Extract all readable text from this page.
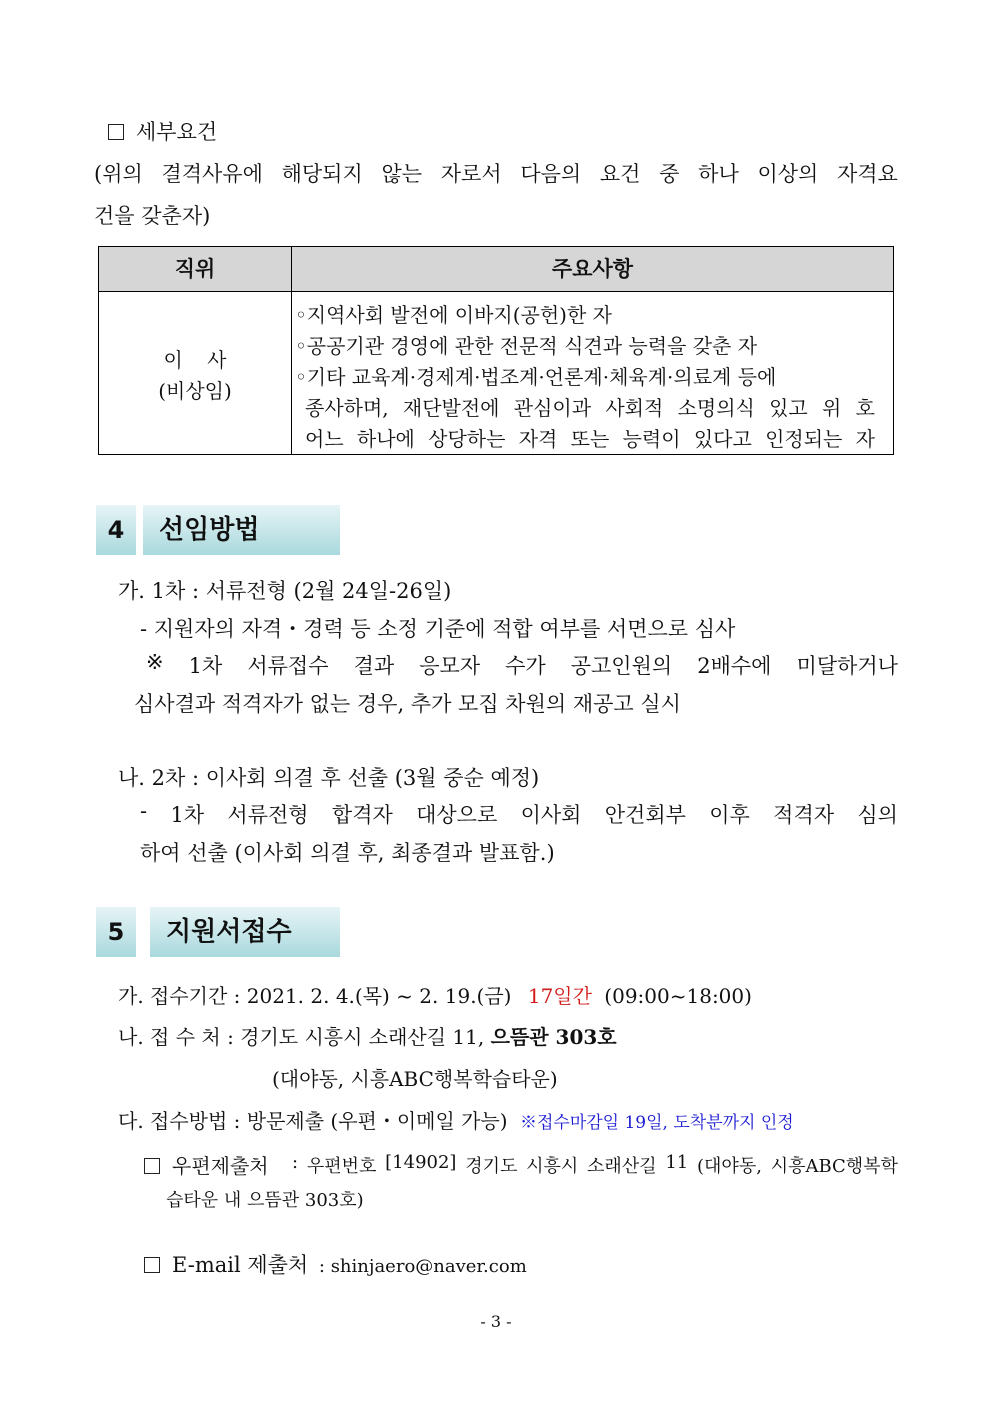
세부요건
(위의 결격사유에 해당되지 않는 자로서 다음의 요건 중 하나 이상의 자격요
건을 갖춘자)
직위	주요사항
이 사
(비상임)
◦지역사회 발전에 이바지(공헌)한 자
◦공공기관 경영에 관한 전문적 식견과 능력을 갖춘 자
◦기타 교육계·경제계·법조계·언론계·체육계·의료계 등에
종사하며, 재단발전에 관심이과 사회적 소명의식 있고 위 호
어느 하나에 상당하는 자격 또는 능력이 있다고 인정되는 자
4	선임방법
가. 1차 : 서류전형 (2월 24일-26일)
- 지원자의 자격・경력 등 소정 기준에 적합 여부를 서면으로 심사
※ 1차 서류접수 결과 응모자 수가 공고인원의 2배수에 미달하거나
심사결과 적격자가 없는 경우, 추가 모집 차원의 재공고 실시
나. 2차 : 이사회 의결 후 선출 (3월 중순 예정)
- 1차 서류전형 합격자 대상으로 이사회 안건회부 이후 적격자 심의
하여 선출 (이사회 의결 후, 최종결과 발표함.)
5	지원서접수
가. 접수기간 : 2021. 2. 4.(목) ~ 2. 19.(금) 17일간 (09:00~18:00)
나. 접 수 처 : 경기도 시흥시 소래산길 11, 으뜸관 303호
(대야동, 시흥ABC행복학습타운)
다. 접수방법 : 방문제출 (우편・이메일 가능) ※접수마감일 19일, 도착분까지 인정
우편제출처 : 우편번호 [14902] 경기도 시흥시 소래산길 11 (대야동, 시흥ABC행복학
습타운 내 으뜸관 303호)
E-mail 제출처 : shinjaero@naver.com
- 3 -
